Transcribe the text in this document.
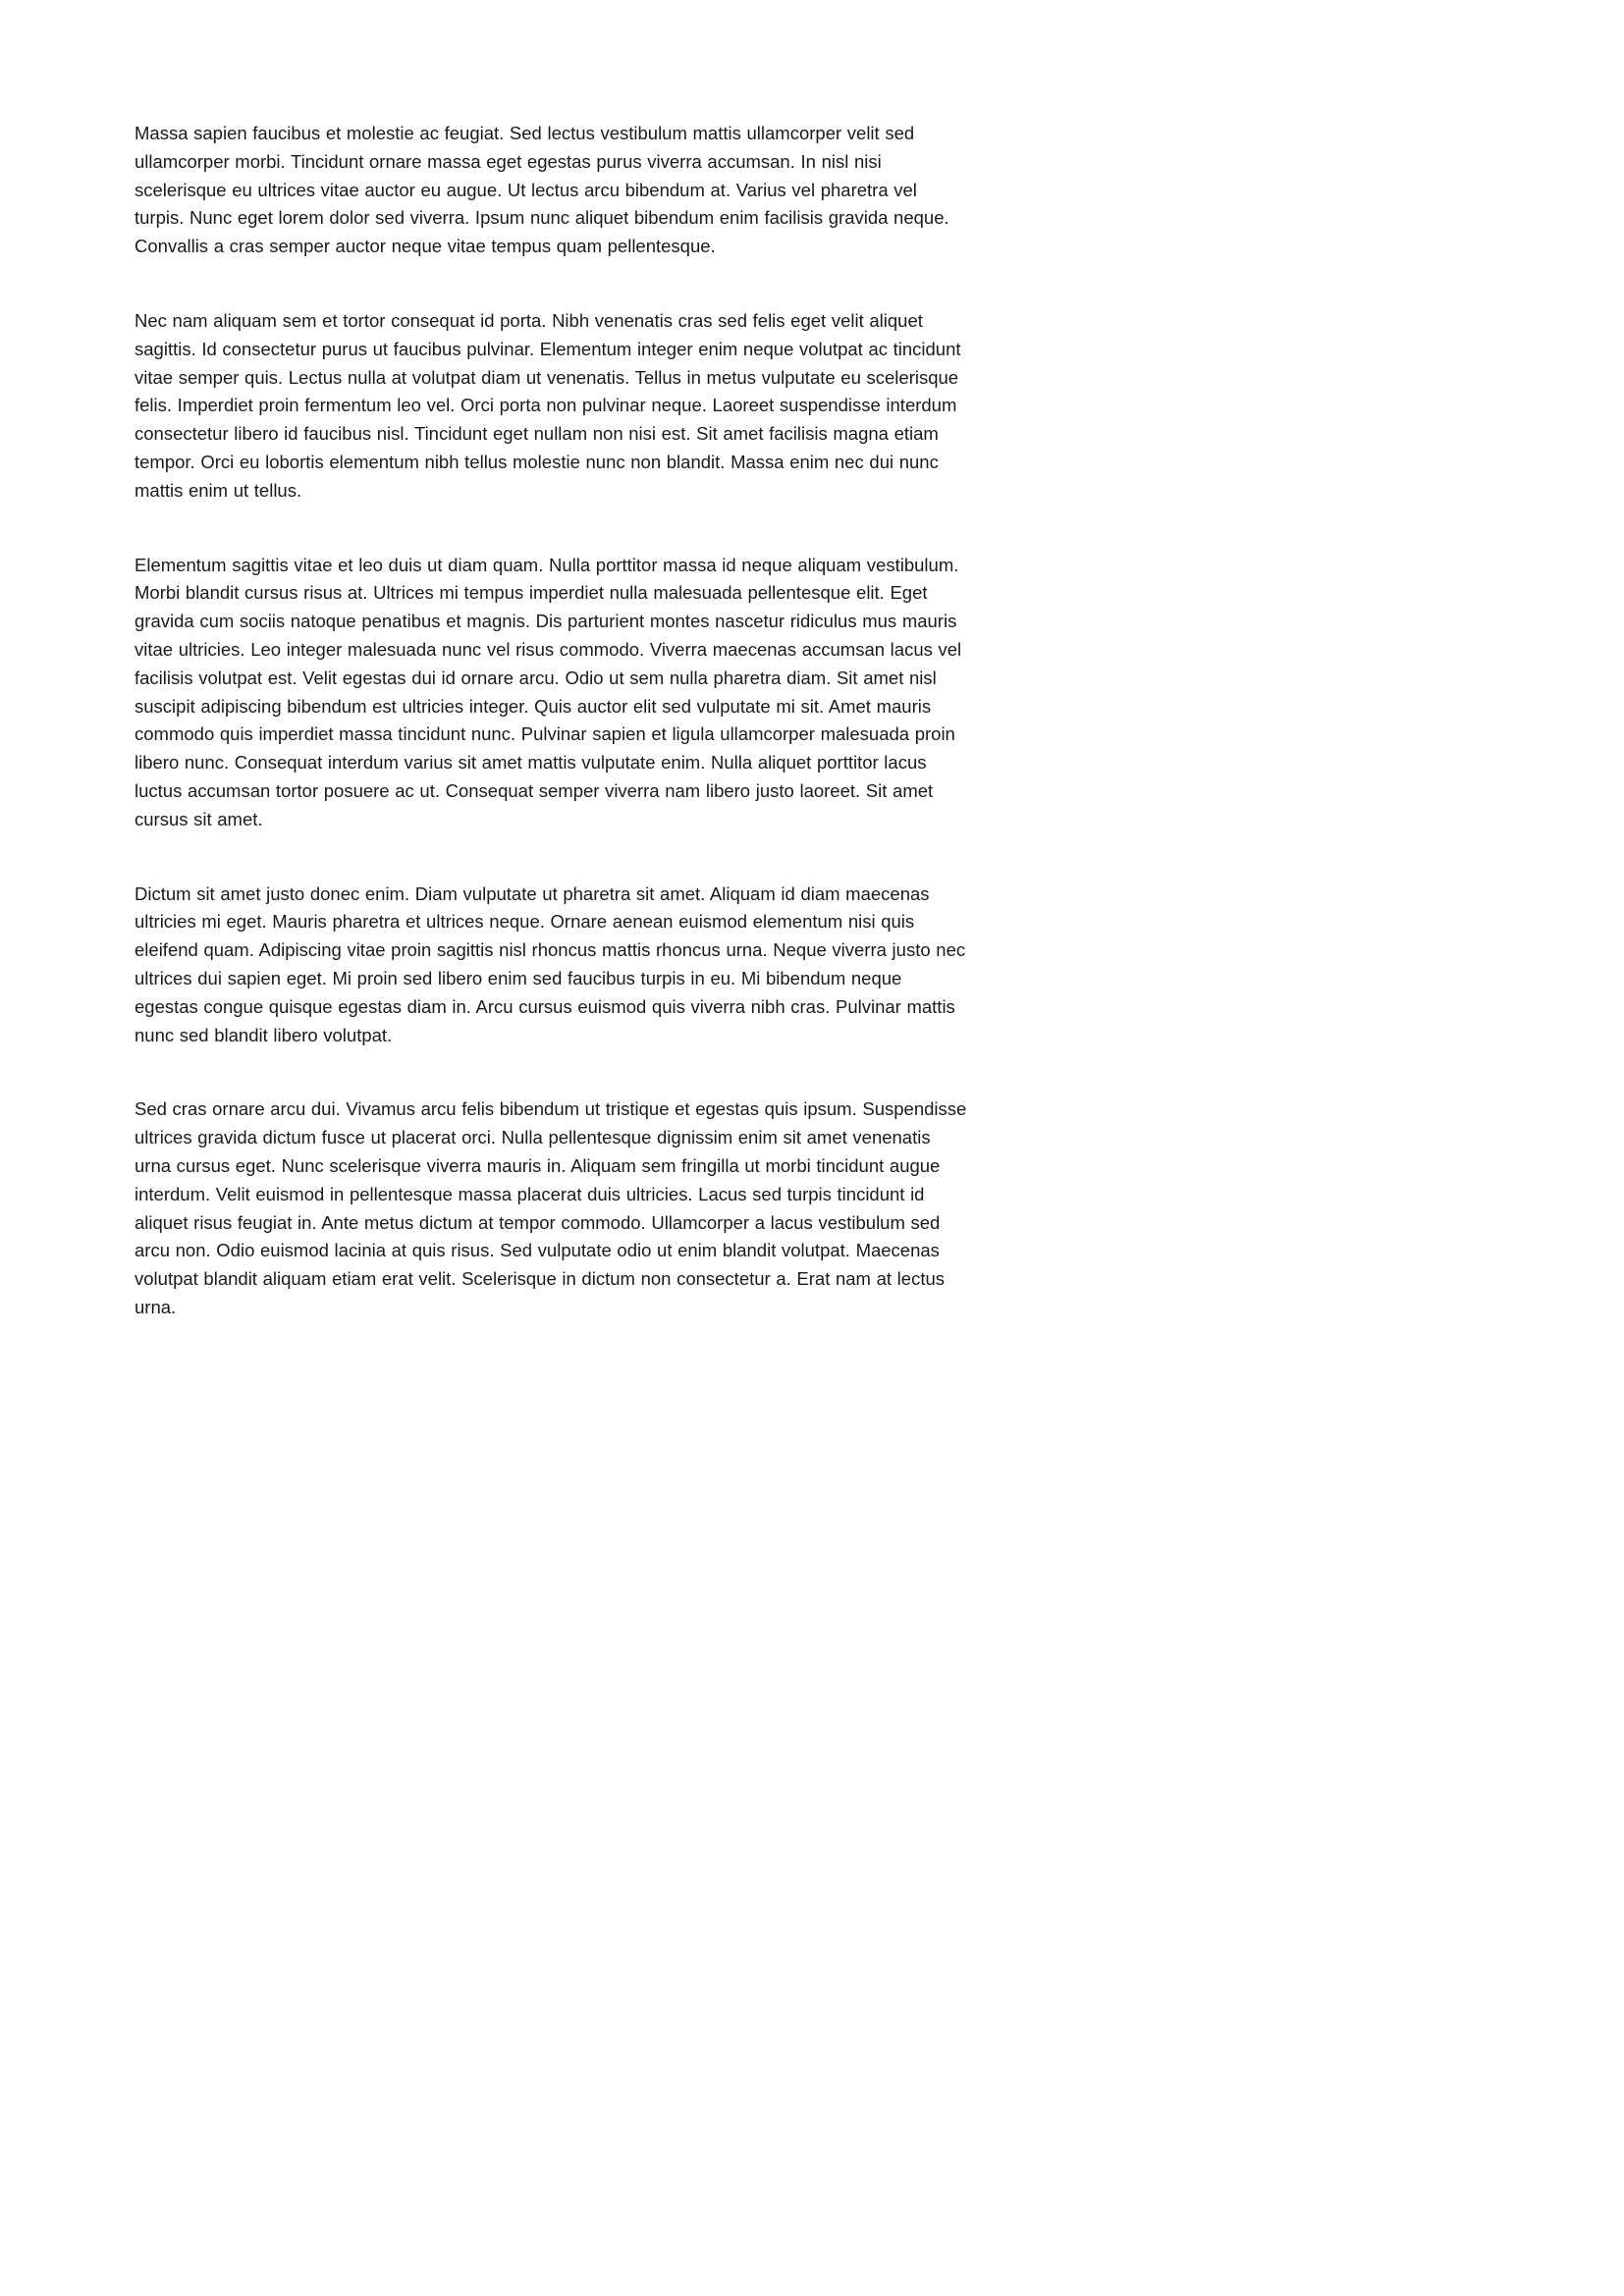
Massa sapien faucibus et molestie ac feugiat. Sed lectus vestibulum mattis ullamcorper velit sed ullamcorper morbi. Tincidunt ornare massa eget egestas purus viverra accumsan. In nisl nisi scelerisque eu ultrices vitae auctor eu augue. Ut lectus arcu bibendum at. Varius vel pharetra vel turpis. Nunc eget lorem dolor sed viverra. Ipsum nunc aliquet bibendum enim facilisis gravida neque. Convallis a cras semper auctor neque vitae tempus quam pellentesque.

Nec nam aliquam sem et tortor consequat id porta. Nibh venenatis cras sed felis eget velit aliquet sagittis. Id consectetur purus ut faucibus pulvinar. Elementum integer enim neque volutpat ac tincidunt vitae semper quis. Lectus nulla at volutpat diam ut venenatis. Tellus in metus vulputate eu scelerisque felis. Imperdiet proin fermentum leo vel. Orci porta non pulvinar neque. Laoreet suspendisse interdum consectetur libero id faucibus nisl. Tincidunt eget nullam non nisi est. Sit amet facilisis magna etiam tempor. Orci eu lobortis elementum nibh tellus molestie nunc non blandit. Massa enim nec dui nunc mattis enim ut tellus.

Elementum sagittis vitae et leo duis ut diam quam. Nulla porttitor massa id neque aliquam vestibulum. Morbi blandit cursus risus at. Ultrices mi tempus imperdiet nulla malesuada pellentesque elit. Eget gravida cum sociis natoque penatibus et magnis. Dis parturient montes nascetur ridiculus mus mauris vitae ultricies. Leo integer malesuada nunc vel risus commodo. Viverra maecenas accumsan lacus vel facilisis volutpat est. Velit egestas dui id ornare arcu. Odio ut sem nulla pharetra diam. Sit amet nisl suscipit adipiscing bibendum est ultricies integer. Quis auctor elit sed vulputate mi sit. Amet mauris commodo quis imperdiet massa tincidunt nunc. Pulvinar sapien et ligula ullamcorper malesuada proin libero nunc. Consequat interdum varius sit amet mattis vulputate enim. Nulla aliquet porttitor lacus luctus accumsan tortor posuere ac ut. Consequat semper viverra nam libero justo laoreet. Sit amet cursus sit amet.

Dictum sit amet justo donec enim. Diam vulputate ut pharetra sit amet. Aliquam id diam maecenas ultricies mi eget. Mauris pharetra et ultrices neque. Ornare aenean euismod elementum nisi quis eleifend quam. Adipiscing vitae proin sagittis nisl rhoncus mattis rhoncus urna. Neque viverra justo nec ultrices dui sapien eget. Mi proin sed libero enim sed faucibus turpis in eu. Mi bibendum neque egestas congue quisque egestas diam in. Arcu cursus euismod quis viverra nibh cras. Pulvinar mattis nunc sed blandit libero volutpat.

Sed cras ornare arcu dui. Vivamus arcu felis bibendum ut tristique et egestas quis ipsum. Suspendisse ultrices gravida dictum fusce ut placerat orci. Nulla pellentesque dignissim enim sit amet venenatis urna cursus eget. Nunc scelerisque viverra mauris in. Aliquam sem fringilla ut morbi tincidunt augue interdum. Velit euismod in pellentesque massa placerat duis ultricies. Lacus sed turpis tincidunt id aliquet risus feugiat in. Ante metus dictum at tempor commodo. Ullamcorper a lacus vestibulum sed arcu non. Odio euismod lacinia at quis risus. Sed vulputate odio ut enim blandit volutpat. Maecenas volutpat blandit aliquam etiam erat velit. Scelerisque in dictum non consectetur a. Erat nam at lectus urna.
